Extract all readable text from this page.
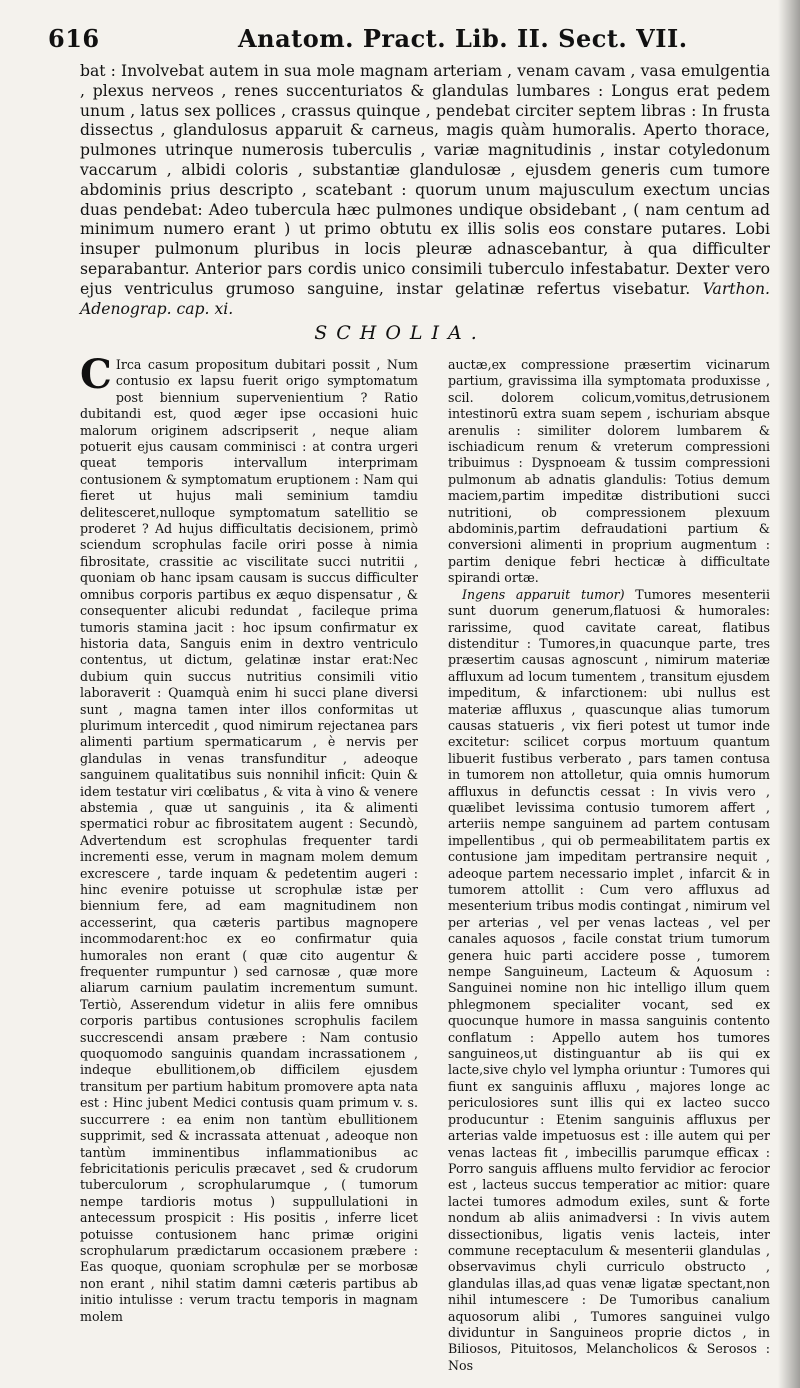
616	Anatom. Pract. Lib. II. Sect. VII.

bat : Involvebat autem in sua mole magnam arteriam , venam cavam , vasa emulgentia , plexus nerveos , renes succenturiatos & glandulas lumbares : Longus erat pedem unum , latus sex pollices , crassus quinque , pendebat circiter septem libras : In frusta dissectus , glandulosus apparuit & carneus, magis quàm humoralis. Aperto thorace, pulmones utrinque numerosis tuberculis , variæ magnitudinis , instar cotyledonum vaccarum , albidi coloris , substantiæ glandulosæ , ejusdem generis cum tumore abdominis prius descripto , scatebant : quorum unum majusculum exectum uncias duas pendebat: Adeo tubercula hæc pulmones undique obsidebant , ( nam centum ad minimum numero erant ) ut primo obtutu ex illis solis eos constare putares. Lobi insuper pulmonum pluribus in locis pleuræ adnascebantur, à qua difficulter separabantur. Anterior pars cordis unico consimili tuberculo infestabatur. Dexter vero ejus ventriculus grumoso sanguine, instar gelatinæ refertus visebatur. Varthon. Adenograp. cap. xi.

SCHOLIA.

C Irca casum propositum dubitari possit , Num contusio ex lapsu fuerit origo symptomatum post biennium supervenientium ? Ratio dubitandi est, quod æger ipse occasioni huic malorum originem adscripserit , neque aliam potuerit ejus causam comminisci : at contra urgeri queat temporis intervallum interprimam contusionem & symptomatum eruptionem : Nam qui fieret ut hujus mali seminium tamdiu delitesceret,nulloque symptomatum satellitio se proderet ? Ad hujus difficultatis decisionem, primò sciendum scrophulas facile oriri posse à nimia fibrositate, crassitie ac viscilitate succi nutritii , quoniam ob hanc ipsam causam is succus difficulter omnibus corporis partibus ex æquo dispensatur , & consequenter alicubi redundat , facileque prima tumoris stamina jacit : hoc ipsum confirmatur ex historia data, Sanguis enim in dextro ventriculo contentus, ut dictum, gelatinæ instar erat:Nec dubium quin succus nutritius consimili vitio laboraverit : Quamquà enim hi succi plane diversi sunt , magna tamen inter illos conformitas ut plurimum intercedit , quod nimirum rejectanea pars alimenti partium spermaticarum , è nervis per glandulas in venas transfunditur , adeoque sanguinem qualitatibus suis nonnihil inficit: Quin & idem testatur viri cœlibatus , & vita à vino & venere abstemia , quæ ut sanguinis , ita & alimenti spermatici robur ac fibrositatem augent : Secundò, Advertendum est scrophulas frequenter tardi incrementi esse, verum in magnam molem demum excrescere , tarde inquam & pedetentim augeri : hinc evenire potuisse ut scrophulæ istæ per biennium fere, ad eam magnitudinem non accesserint, qua cæteris partibus magnopere incommodarent:hoc ex eo confirmatur quia humorales non erant ( quæ cito augentur & frequenter rumpuntur ) sed carnosæ , quæ more aliarum carnium paulatim incrementum sumunt. Tertiò, Asserendum videtur in aliis fere omnibus corporis partibus contusiones scrophulis facilem succrescendi ansam præbere : Nam contusio quoquomodo sanguinis quandam incrassationem , indeque ebullitionem,ob difficilem ejusdem transitum per partium habitum promovere apta nata est : Hinc jubent Medici contusis quam primum v. s. succurrere : ea enim non tantùm ebullitionem supprimit, sed & incrassata attenuat , adeoque non tantùm imminentibus inflammationibus ac febricitationis periculis præcavet , sed & crudorum tuberculorum , scrophularumque , ( tumorum nempe tardioris motus ) suppullulationi in antecessum prospicit : His positis , inferre licet potuisse contusionem hanc primæ origini scrophularum prædictarum occasionem præbere : Eas quoque, quoniam scrophulæ per se morbosæ non erant , nihil statim damni cæteris partibus ab initio intulisse : verum tractu temporis in magnam molem

auctæ,ex compressione præsertim vicinarum partium, gravissima illa symptomata produxisse , scil. dolorem colicum,vomitus,detrusionem intestinorū extra suam sepem , ischuriam absque arenulis : similiter dolorem lumbarem & ischiadicum renum & vreterum compressioni tribuimus : Dyspnoeam & tussim compressioni pulmonum ab adnatis glandulis: Totius demum maciem,partim impeditæ distributioni succi nutritioni, ob compressionem plexuum abdominis,partim defraudationi partium & conversioni alimenti in proprium augmentum : partim denique febri hecticæ à difficultate spirandi ortæ.

Ingens apparuit tumor) Tumores mesenterii sunt duorum generum,flatuosi & humorales: rarissime, quod cavitate careat, flatibus distenditur : Tumores,in quacunque parte, tres præsertim causas agnoscunt , nimirum materiæ affluxum ad locum tumentem , transitum ejusdem impeditum, & infarctionem: ubi nullus est materiæ affluxus , quascunque alias tumorum causas statueris , vix fieri potest ut tumor inde excitetur: scilicet corpus mortuum quantum libuerit fustibus verberato , pars tamen contusa in tumorem non attolletur, quia omnis humorum affluxus in defunctis cessat : In vivis vero , quælibet levissima contusio tumorem affert , arteriis nempe sanguinem ad partem contusam impellentibus , qui ob permeabilitatem partis ex contusione jam impeditam pertransire nequit , adeoque partem necessario implet , infarcit & in tumorem attollit : Cum vero affluxus ad mesenterium tribus modis contingat , nimirum vel per arterias , vel per venas lacteas , vel per canales aquosos , facile constat trium tumorum genera huic parti accidere posse , tumorem nempe Sanguineum, Lacteum & Aquosum : Sanguinei nomine non hic intelligo illum quem phlegmonem specialiter vocant, sed ex quocunque humore in massa sanguinis contento conflatum : Appello autem hos tumores sanguineos,ut distinguantur ab iis qui ex lacte,sive chylo vel lympha oriuntur : Tumores qui fiunt ex sanguinis affluxu , majores longe ac periculosiores sunt illis qui ex lacteo succo producuntur : Etenim sanguinis affluxus per arterias valde impetuosus est : ille autem qui per venas lacteas fit , imbecillis parumque efficax : Porro sanguis affluens multo fervidior ac ferocior est , lacteus succus temperatior ac mitior: quare lactei tumores admodum exiles, sunt & forte nondum ab aliis animadversi : In vivis autem dissectionibus, ligatis venis lacteis, inter commune receptaculum & mesenterii glandulas , observavimus chyli curriculo obstructo , glandulas illas,ad quas venæ ligatæ spectant,non nihil intumescere : De Tumoribus canalium aquosorum alibi , Tumores sanguinei vulgo dividuntur in Sanguineos proprie dictos , in Biliosos, Pituitosos, Melancholicos & Serosos : Nos
